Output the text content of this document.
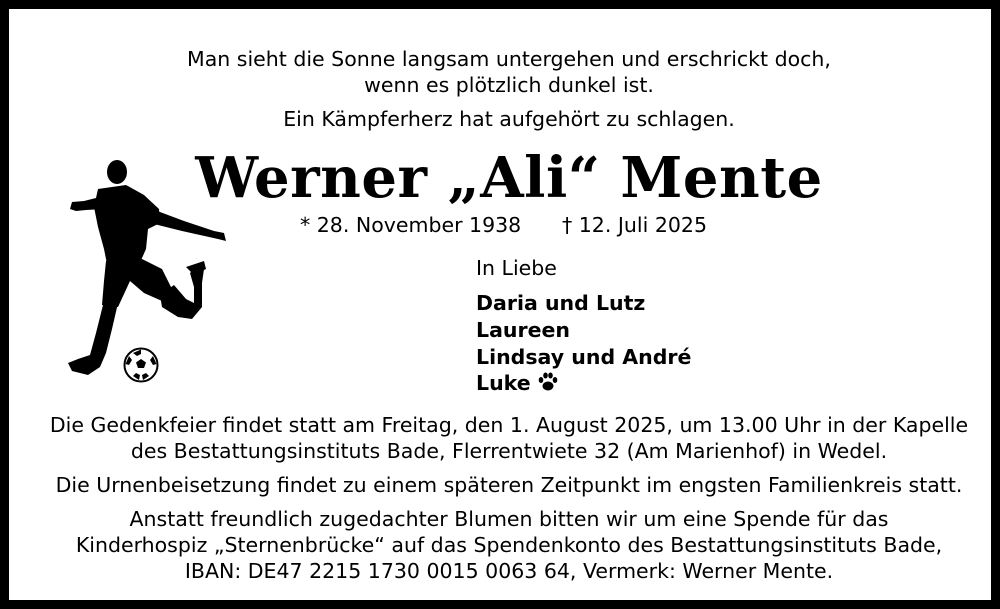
Man sieht die Sonne langsam untergehen und erschrickt doch,
wenn es plötzlich dunkel ist.
Ein Kämpferherz hat aufgehört zu schlagen.
Werner „Ali“ Mente
* 28. November 1938 † 12. Juli 2025
In Liebe
Daria und Lutz
Laureen
Lindsay und André
Luke
Die Gedenkfeier findet statt am Freitag, den 1. August 2025, um 13.00 Uhr in der Kapelle
des Bestattungsinstituts Bade, Flerrentwiete 32 (Am Marienhof) in Wedel.
Die Urnenbeisetzung findet zu einem späteren Zeitpunkt im engsten Familienkreis statt.
Anstatt freundlich zugedachter Blumen bitten wir um eine Spende für das
Kinderhospiz „Sternenbrücke“ auf das Spendenkonto des Bestattungsinstituts Bade,
IBAN: DE47 2215 1730 0015 0063 64, Vermerk: Werner Mente.
